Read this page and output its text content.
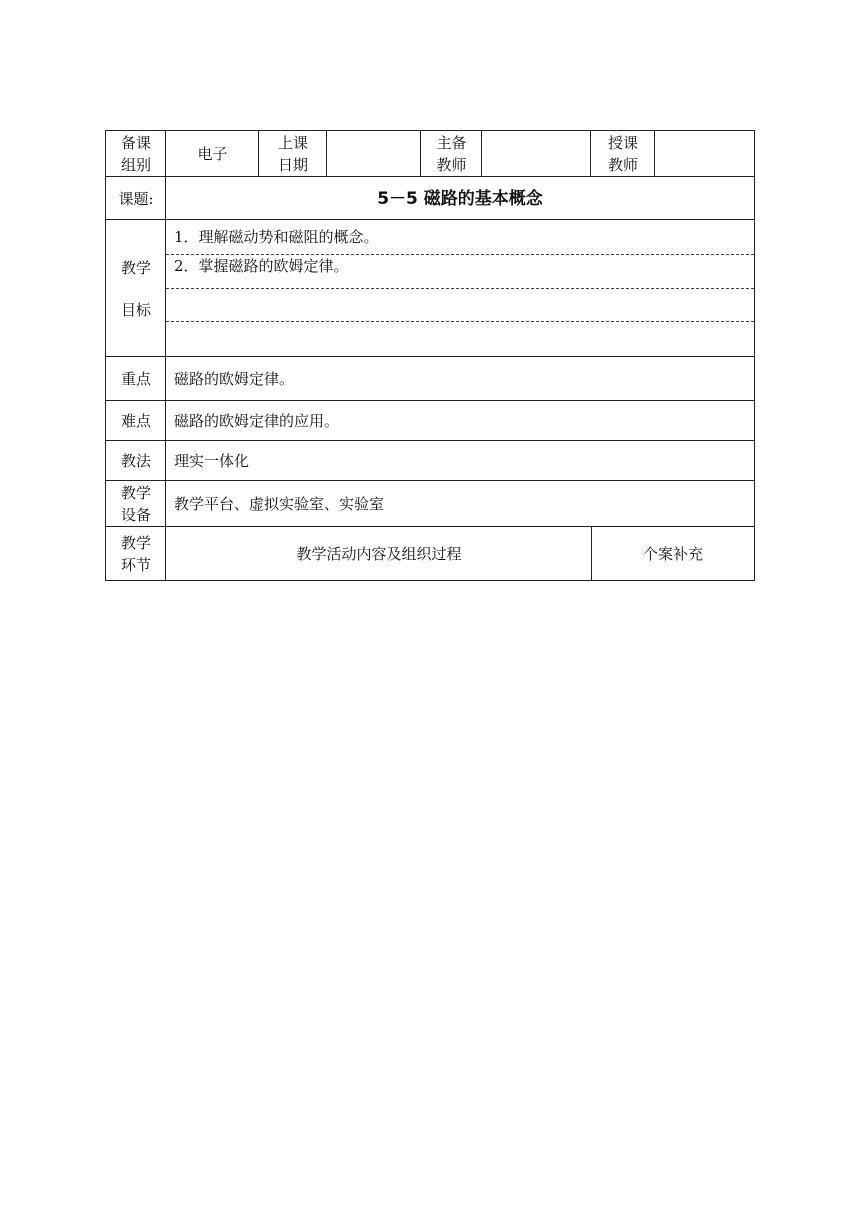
备课
组别
电子
上课
日期
主备
教师
授课
教师
课题:	5－5 磁路的基本概念
教学
目标
1．理解磁动势和磁阻的概念。
2．掌握磁路的欧姆定律。
重点 磁路的欧姆定律。
难点 磁路的欧姆定律的应用。
教法 理实一体化
教学
设备
教学平台、虚拟实验室、实验室
教学
环节
教学活动内容及组织过程	个案补充
